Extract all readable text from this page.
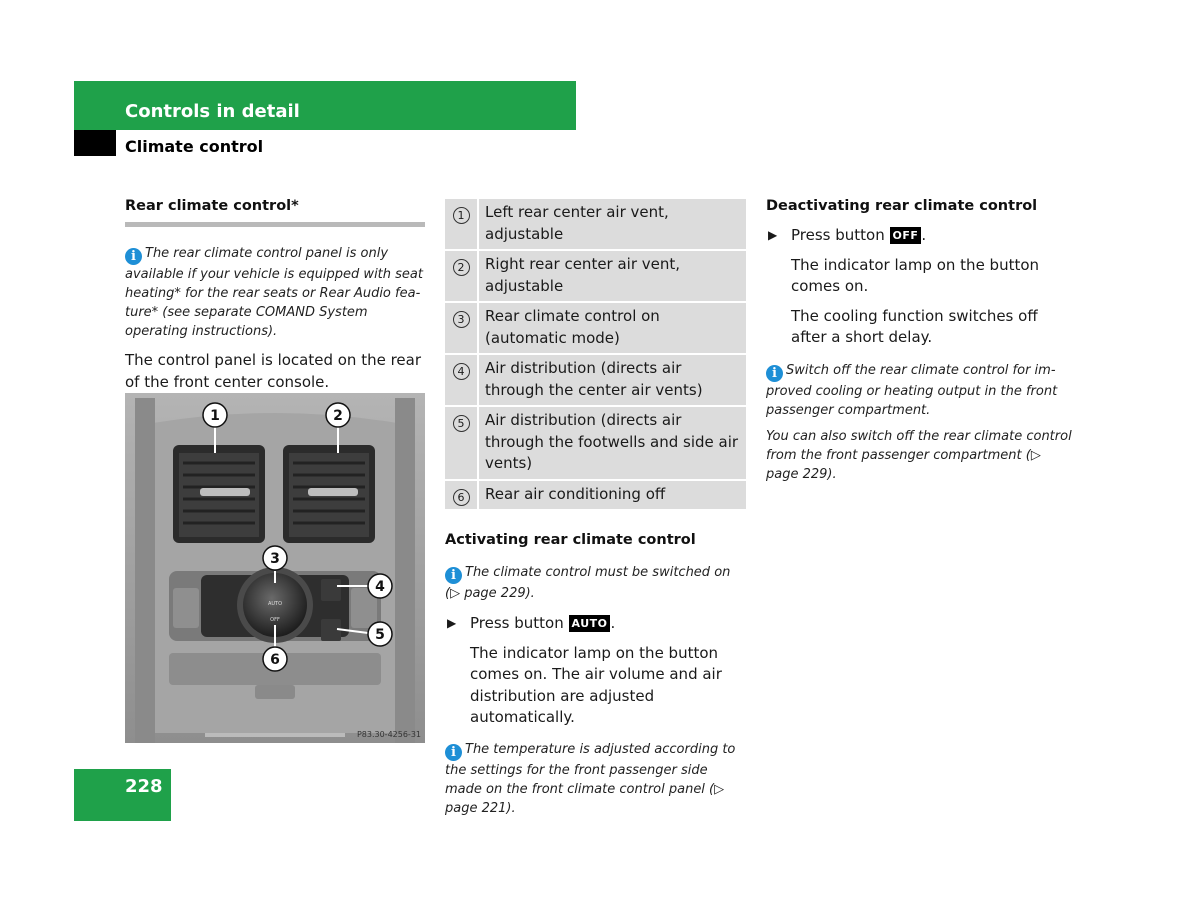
Controls in detail
Climate control
Rear climate control*
i The rear climate control panel is only available if your vehicle is equipped with seat heating* for the rear seats or Rear Audio feature* (see separate COMAND System operating instructions).
The control panel is located on the rear of the front center console.
AUTO
OFF
P83.30-4256-31
1	2
3
4
5
6
1	Left rear center air vent, adjustable
2	Right rear center air vent, adjustable
3	Rear climate control on (automatic mode)
4	Air distribution (directs air through the center air vents)
5	Air distribution (directs air through the footwells and side air vents)
6	Rear air conditioning off
Activating rear climate control
i The climate control must be switched on (▷ page 229).
▶ Press button AUTO .
The indicator lamp on the button comes on. The air volume and air distribution are adjusted automatically.
i The temperature is adjusted according to the settings for the front passenger side made on the front climate control panel (▷ page 221).
Deactivating rear climate control
▶ Press button OFF .
The indicator lamp on the button comes on.
The cooling function switches off after a short delay.
i Switch off the rear climate control for improved cooling or heating output in the front passenger compartment.
You can also switch off the rear climate control from the front passenger compartment (▷ page 229).
228
